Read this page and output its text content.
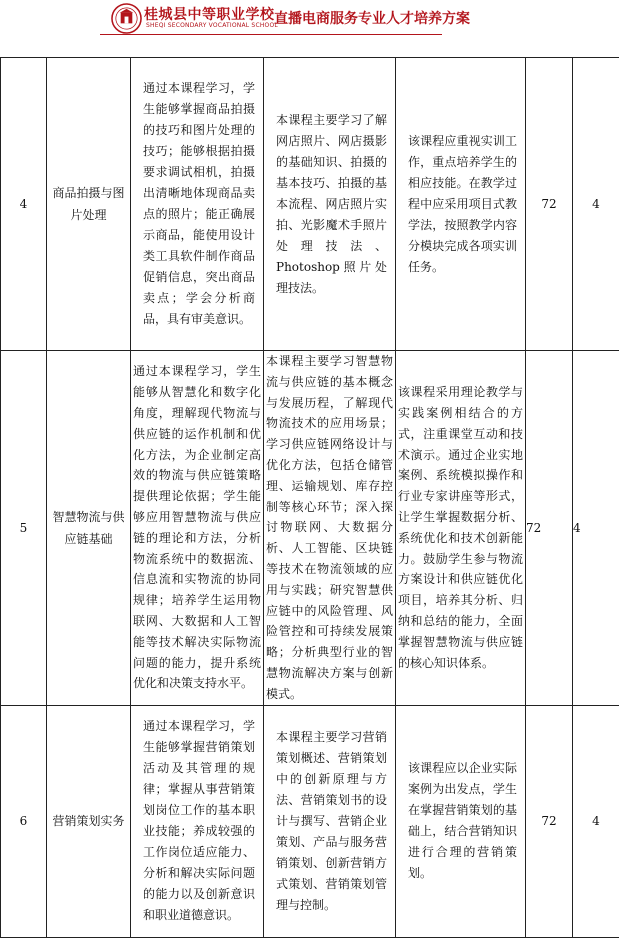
桂城县中等职业学校
SHEQI SECONDARY VOCATIONAL SCHOOL
直播电商服务专业人才培养方案
4	商品拍摄与图片处理	通过本课程学习，学生能够掌握商品拍摄的技巧和图片处理的技巧；能够根据拍摄要求调试相机，拍摄出清晰地体现商品卖点的照片；能正确展示商品，能使用设计类工具软件制作商品促销信息，突出商品卖点；学会分析商品，具有审美意识。	本课程主要学习了解网店照片、网店摄影的基础知识、拍摄的基本技巧、拍摄的基本流程、网店照片实拍、光影魔术手照片处理技法、Photoshop照片处理技法。	该课程应重视实训工作，重点培养学生的相应技能。在教学过程中应采用项目式教学法，按照教学内容分模块完成各项实训任务。	72	4
5	智慧物流与供应链基础	通过本课程学习，学生能够从智慧化和数字化角度，理解现代物流与供应链的运作机制和优化方法，为企业制定高效的物流与供应链策略提供理论依据；学生能够应用智慧物流与供应链的理论和方法，分析物流系统中的数据流、信息流和实物流的协同规律；培养学生运用物联网、大数据和人工智能等技术解决实际物流问题的能力，提升系统优化和决策支持水平。	本课程主要学习智慧物流与供应链的基本概念与发展历程，了解现代物流技术的应用场景；学习供应链网络设计与优化方法，包括仓储管理、运输规划、库存控制等核心环节；深入探讨物联网、大数据分析、人工智能、区块链等技术在物流领域的应用与实践；研究智慧供应链中的风险管理、风险管控和可持续发展策略；分析典型行业的智慧物流解决方案与创新模式。	该课程采用理论教学与实践案例相结合的方式，注重课堂互动和技术演示。通过企业实地案例、系统模拟操作和行业专家讲座等形式，让学生掌握数据分析、系统优化和技术创新能力。鼓励学生参与物流方案设计和供应链优化项目，培养其分析、归纳和总结的能力，全面掌握智慧物流与供应链的核心知识体系。	72	4
6	营销策划实务	通过本课程学习，学生能够掌握营销策划活动及其管理的规律；掌握从事营销策划岗位工作的基本职业技能；养成较强的工作岗位适应能力、分析和解决实际问题的能力以及创新意识和职业道德意识。	本课程主要学习营销策划概述、营销策划中的创新原理与方法、营销策划书的设计与撰写、营销企业策划、产品与服务营销策划、创新营销方式策划、营销策划管理与控制。	该课程应以企业实际案例为出发点，学生在掌握营销策划的基础上，结合营销知识进行合理的营销策划。	72	4
